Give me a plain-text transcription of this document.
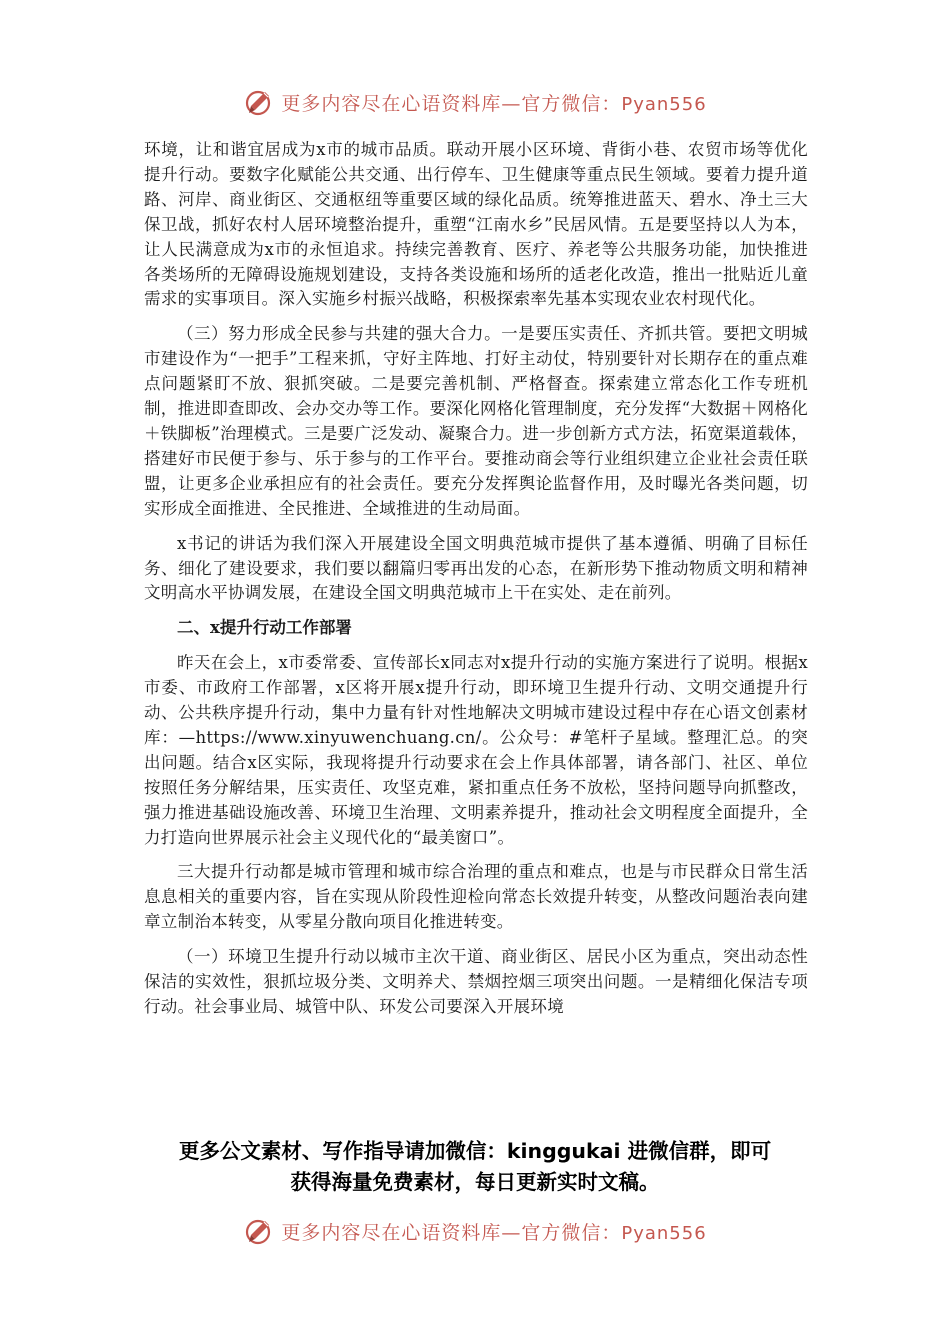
更多内容尽在心语资料库—官方微信：Pyan556

环境，让和谐宜居成为x市的城市品质。联动开展小区环境、背街小巷、农贸市场等优化提升行动。要数字化赋能公共交通、出行停车、卫生健康等重点民生领域。要着力提升道路、河岸、商业街区、交通枢纽等重要区域的绿化品质。统筹推进蓝天、碧水、净土三大保卫战，抓好农村人居环境整治提升，重塑“江南水乡”民居风情。五是要坚持以人为本，让人民满意成为x市的永恒追求。持续完善教育、医疗、养老等公共服务功能，加快推进各类场所的无障碍设施规划建设，支持各类设施和场所的适老化改造，推出一批贴近儿童需求的实事项目。深入实施乡村振兴战略，积极探索率先基本实现农业农村现代化。

（三）努力形成全民参与共建的强大合力。一是要压实责任、齐抓共管。要把文明城市建设作为“一把手”工程来抓，守好主阵地、打好主动仗，特别要针对长期存在的重点难点问题紧盯不放、狠抓突破。二是要完善机制、严格督查。探索建立常态化工作专班机制，推进即查即改、会办交办等工作。要深化网格化管理制度，充分发挥“大数据＋网格化＋铁脚板”治理模式。三是要广泛发动、凝聚合力。进一步创新方式方法，拓宽渠道载体，搭建好市民便于参与、乐于参与的工作平台。要推动商会等行业组织建立企业社会责任联盟，让更多企业承担应有的社会责任。要充分发挥舆论监督作用，及时曝光各类问题，切实形成全面推进、全民推进、全域推进的生动局面。

x书记的讲话为我们深入开展建设全国文明典范城市提供了基本遵循、明确了目标任务、细化了建设要求，我们要以翻篇归零再出发的心态，在新形势下推动物质文明和精神文明高水平协调发展，在建设全国文明典范城市上干在实处、走在前列。

二、x提升行动工作部署

昨天在会上，x市委常委、宣传部长x同志对x提升行动的实施方案进行了说明。根据x市委、市政府工作部署，x区将开展x提升行动，即环境卫生提升行动、文明交通提升行动、公共秩序提升行动，集中力量有针对性地解决文明城市建设过程中存在心语文创素材库：—https://www.xinyuwenchuang.cn/。公众号：#笔杆子星域。整理汇总。的突出问题。结合x区实际，我现将提升行动要求在会上作具体部署，请各部门、社区、单位按照任务分解结果，压实责任、攻坚克难，紧扣重点任务不放松，坚持问题导向抓整改，强力推进基础设施改善、环境卫生治理、文明素养提升，推动社会文明程度全面提升，全力打造向世界展示社会主义现代化的“最美窗口”。

三大提升行动都是城市管理和城市综合治理的重点和难点，也是与市民群众日常生活息息相关的重要内容，旨在实现从阶段性迎检向常态长效提升转变，从整改问题治表向建章立制治本转变，从零星分散向项目化推进转变。

（一）环境卫生提升行动以城市主次干道、商业街区、居民小区为重点，突出动态性保洁的实效性，狠抓垃圾分类、文明养犬、禁烟控烟三项突出问题。一是精细化保洁专项行动。社会事业局、城管中队、环发公司要深入开展环境

更多公文素材、写作指导请加微信：kinggukai 进微信群，即可
获得海量免费素材，每日更新实时文稿。
更多内容尽在心语资料库—官方微信：Pyan556
